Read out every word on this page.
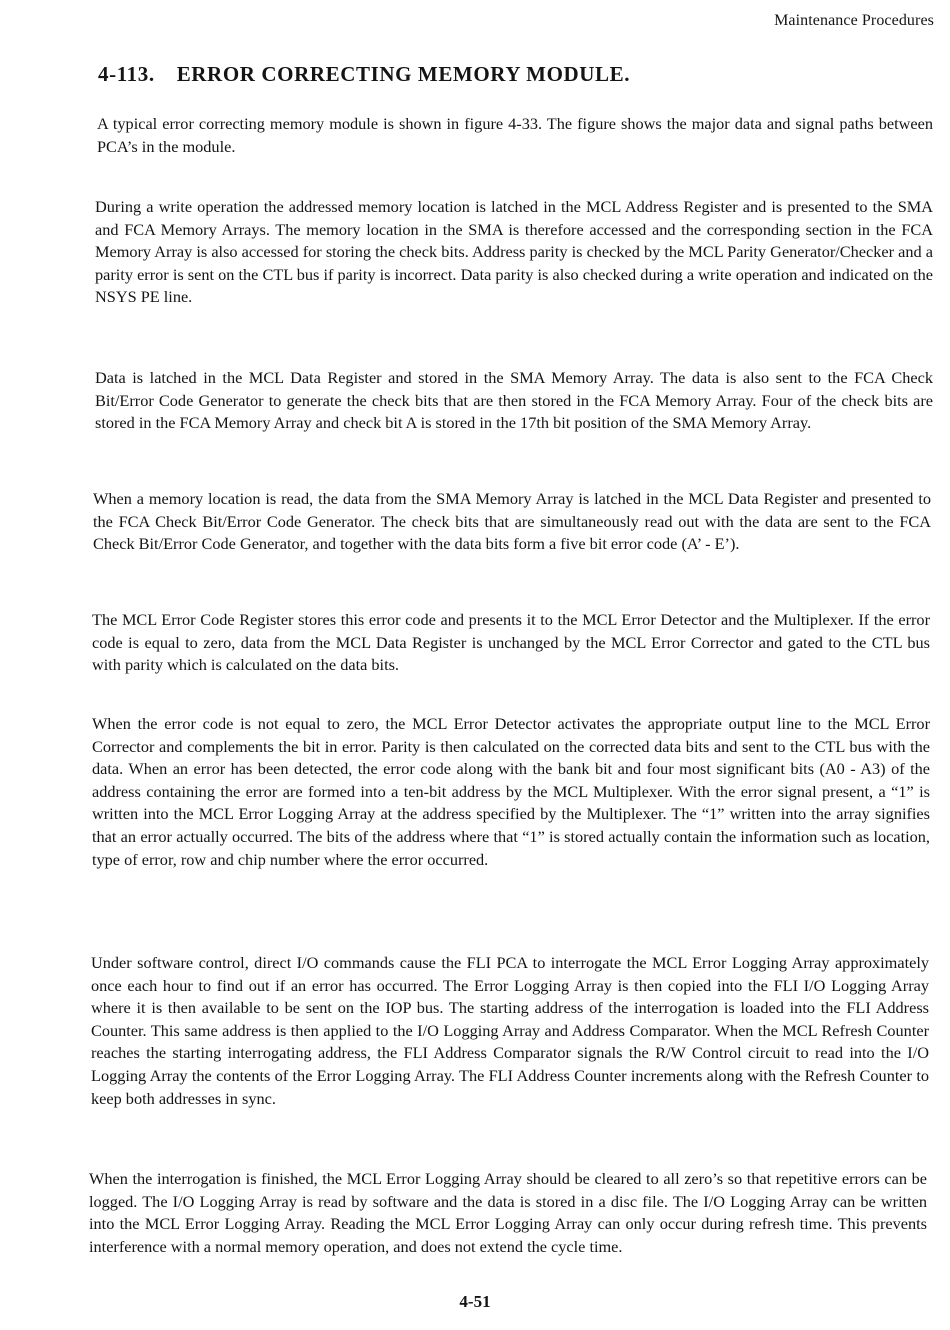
Maintenance Procedures
4-113. ERROR CORRECTING MEMORY MODULE.

A typical error correcting memory module is shown in figure 4-33. The figure shows the major data and signal paths between PCA’s in the module.

During a write operation the addressed memory location is latched in the MCL Address Register and is presented to the SMA and FCA Memory Arrays. The memory location in the SMA is therefore accessed and the corresponding section in the FCA Memory Array is also accessed for storing the check bits. Address parity is checked by the MCL Parity Generator/Checker and a parity error is sent on the CTL bus if parity is incorrect. Data parity is also checked during a write operation and indicated on the NSYS PE line.

Data is latched in the MCL Data Register and stored in the SMA Memory Array. The data is also sent to the FCA Check Bit/Error Code Generator to generate the check bits that are then stored in the FCA Memory Array. Four of the check bits are stored in the FCA Memory Array and check bit A is stored in the 17th bit position of the SMA Memory Array.

When a memory location is read, the data from the SMA Memory Array is latched in the MCL Data Register and presented to the FCA Check Bit/Error Code Generator. The check bits that are simultaneously read out with the data are sent to the FCA Check Bit/Error Code Generator, and together with the data bits form a five bit error code (A’ - E’).

The MCL Error Code Register stores this error code and presents it to the MCL Error Detector and the Multiplexer. If the error code is equal to zero, data from the MCL Data Register is unchanged by the MCL Error Corrector and gated to the CTL bus with parity which is calculated on the data bits.

When the error code is not equal to zero, the MCL Error Detector activates the appropriate output line to the MCL Error Corrector and complements the bit in error. Parity is then calculated on the corrected data bits and sent to the CTL bus with the data. When an error has been detected, the error code along with the bank bit and four most significant bits (A0 - A3) of the address containing the error are formed into a ten-bit address by the MCL Multiplexer. With the error signal present, a “1” is written into the MCL Error Logging Array at the address specified by the Multiplexer. The “1” written into the array signifies that an error actually occurred. The bits of the address where that “1” is stored actually contain the information such as location, type of error, row and chip number where the error occurred.

Under software control, direct I/O commands cause the FLI PCA to interrogate the MCL Error Logging Array approximately once each hour to find out if an error has occurred. The Error Logging Array is then copied into the FLI I/O Logging Array where it is then available to be sent on the IOP bus. The starting address of the interrogation is loaded into the FLI Address Counter. This same address is then applied to the I/O Logging Array and Address Comparator. When the MCL Refresh Counter reaches the starting interrogating address, the FLI Address Comparator signals the R/W Control circuit to read into the I/O Logging Array the contents of the Error Logging Array. The FLI Address Counter increments along with the Refresh Counter to keep both addresses in sync.

When the interrogation is finished, the MCL Error Logging Array should be cleared to all zero’s so that repetitive errors can be logged. The I/O Logging Array is read by software and the data is stored in a disc file. The I/O Logging Array can be written into the MCL Error Logging Array. Reading the MCL Error Logging Array can only occur during refresh time. This prevents interference with a normal memory operation, and does not extend the cycle time.

4-51
